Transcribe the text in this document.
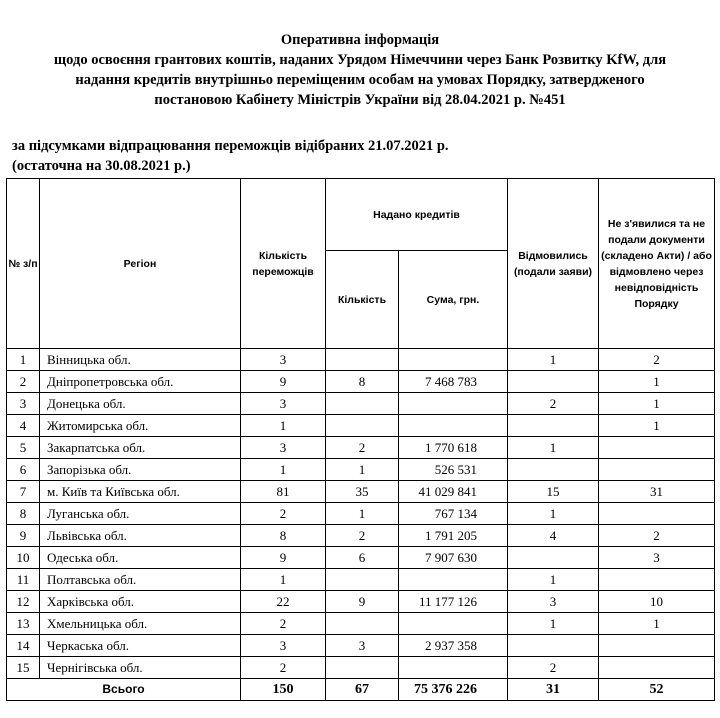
Оперативна інформація
щодо освоєння грантових коштів, наданих Урядом Німеччини через Банк Розвитку KfW, для
надання кредитів внутрішньо переміщеним особам на умовах Порядку, затвердженого
постановою Кабінету Міністрів України від 28.04.2021 р. №451
за підсумками відпрацювання переможців відібраних 21.07.2021 р.
(остаточна на 30.08.2021 р.)
№ з/п	Регіон	Кількість переможців	Надано кредитів		Відмовились (подали заяви)	Не з'явилися та не подали документи (складено Акти) / або відмовлено через невідповідність Порядку
			Кількість	Сума, грн.		
1	Вінницька обл.	3			1	2
2	Дніпропетровська обл.	9	8	7 468 783		1
3	Донецька обл.	3			2	1
4	Житомирська обл.	1				1
5	Закарпатська обл.	3	2	1 770 618	1	
6	Запорізька обл.	1	1	526 531		
7	м. Київ та Київська обл.	81	35	41 029 841	15	31
8	Луганська обл.	2	1	767 134	1	
9	Львівська обл.	8	2	1 791 205	4	2
10	Одеська обл.	9	6	7 907 630		3
11	Полтавська обл.	1			1	
12	Харківська обл.	22	9	11 177 126	3	10
13	Хмельницька обл.	2			1	1
14	Черкаська обл.	3	3	2 937 358		
15	Чернігівська обл.	2			2	
Всього		150	67	75 376 226	31	52
